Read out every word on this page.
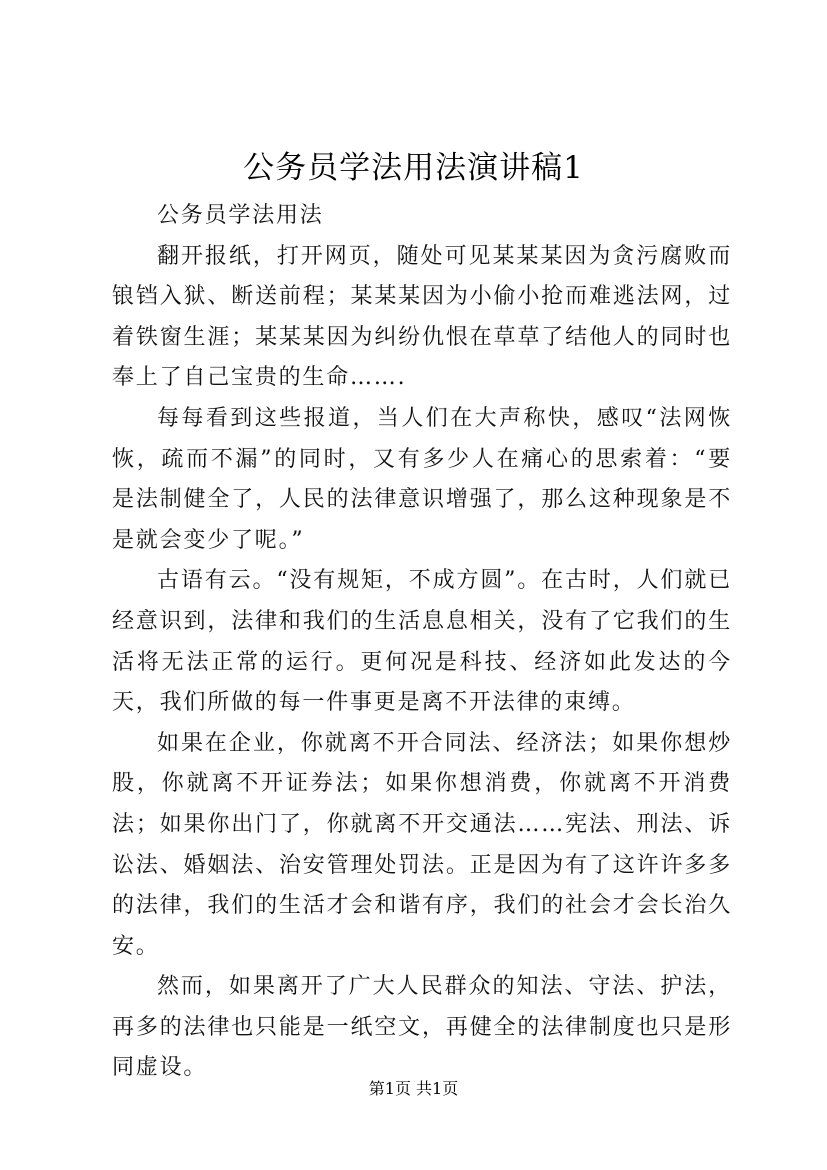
公务员学法用法演讲稿1

公务员学法用法

翻开报纸，打开网页，随处可见某某某因为贪污腐败而锒铛入狱、断送前程；某某某因为小偷小抢而难逃法网，过着铁窗生涯；某某某因为纠纷仇恨在草草了结他人的同时也奉上了自己宝贵的生命…….

每每看到这些报道，当人们在大声称快，感叹“法网恢恢，疏而不漏”的同时，又有多少人在痛心的思索着：“要是法制健全了，人民的法律意识增强了，那么这种现象是不是就会变少了呢。”

古语有云。“没有规矩，不成方圆”。在古时，人们就已经意识到，法律和我们的生活息息相关，没有了它我们的生活将无法正常的运行。更何况是科技、经济如此发达的今天，我们所做的每一件事更是离不开法律的束缚。

如果在企业，你就离不开合同法、经济法；如果你想炒股，你就离不开证券法；如果你想消费，你就离不开消费法；如果你出门了，你就离不开交通法……宪法、刑法、诉讼法、婚姻法、治安管理处罚法。正是因为有了这许许多多的法律，我们的生活才会和谐有序，我们的社会才会长治久安。

然而，如果离开了广大人民群众的知法、守法、护法，再多的法律也只能是一纸空文，再健全的法律制度也只是形同虚设。

第1页 共1页
